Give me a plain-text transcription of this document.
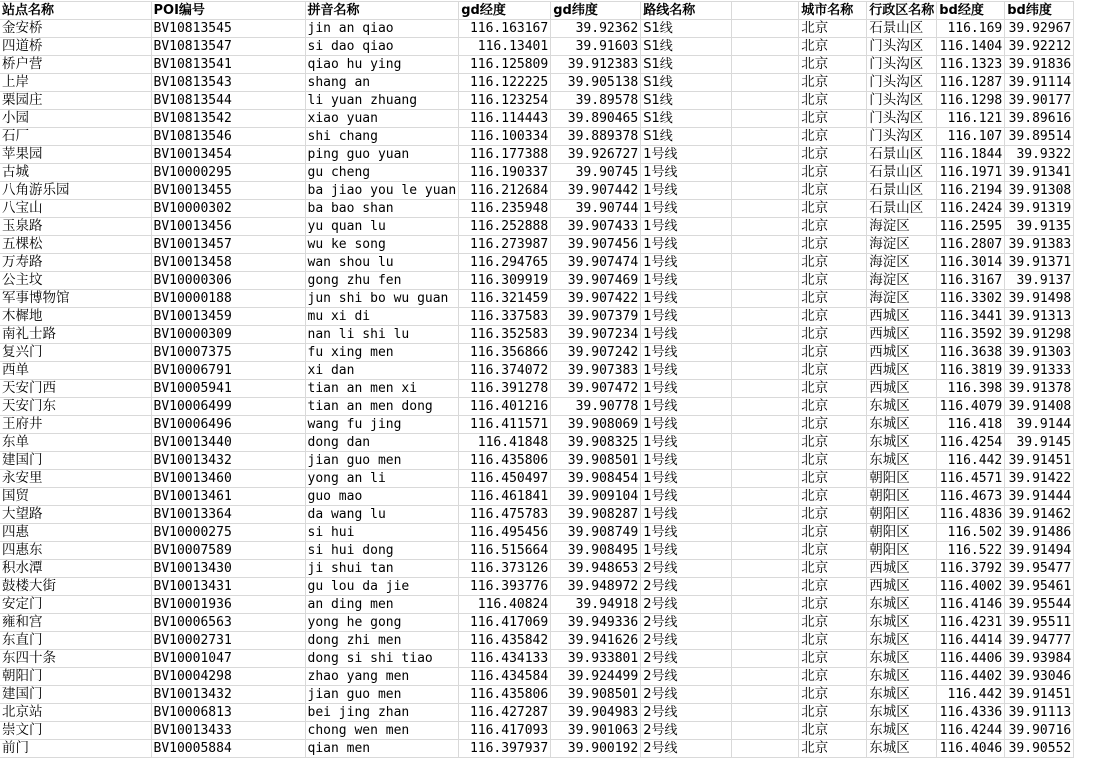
站点名称	POI编号	拼音名称	gd经度	gd纬度	路线名称		城市名称	行政区名称	bd经度	bd纬度
金安桥	BV10813545	jin an qiao	116.163167	39.92362	S1线		北京	石景山区	116.169	39.92967
四道桥	BV10813547	si dao qiao	116.13401	39.91603	S1线		北京	门头沟区	116.1404	39.92212
桥户营	BV10813541	qiao hu ying	116.125809	39.912383	S1线		北京	门头沟区	116.1323	39.91836
上岸	BV10813543	shang an	116.122225	39.905138	S1线		北京	门头沟区	116.1287	39.91114
栗园庄	BV10813544	li yuan zhuang	116.123254	39.89578	S1线		北京	门头沟区	116.1298	39.90177
小园	BV10813542	xiao yuan	116.114443	39.890465	S1线		北京	门头沟区	116.121	39.89616
石厂	BV10813546	shi chang	116.100334	39.889378	S1线		北京	门头沟区	116.107	39.89514
苹果园	BV10013454	ping guo yuan	116.177388	39.926727	1号线		北京	石景山区	116.1844	39.9322
古城	BV10000295	gu cheng	116.190337	39.90745	1号线		北京	石景山区	116.1971	39.91341
八角游乐园	BV10013455	ba jiao you le yuan	116.212684	39.907442	1号线		北京	石景山区	116.2194	39.91308
八宝山	BV10000302	ba bao shan	116.235948	39.90744	1号线		北京	石景山区	116.2424	39.91319
玉泉路	BV10013456	yu quan lu	116.252888	39.907433	1号线		北京	海淀区	116.2595	39.9135
五棵松	BV10013457	wu ke song	116.273987	39.907456	1号线		北京	海淀区	116.2807	39.91383
万寿路	BV10013458	wan shou lu	116.294765	39.907474	1号线		北京	海淀区	116.3014	39.91371
公主坟	BV10000306	gong zhu fen	116.309919	39.907469	1号线		北京	海淀区	116.3167	39.9137
军事博物馆	BV10000188	jun shi bo wu guan	116.321459	39.907422	1号线		北京	海淀区	116.3302	39.91498
木樨地	BV10013459	mu xi di	116.337583	39.907379	1号线		北京	西城区	116.3441	39.91313
南礼士路	BV10000309	nan li shi lu	116.352583	39.907234	1号线		北京	西城区	116.3592	39.91298
复兴门	BV10007375	fu xing men	116.356866	39.907242	1号线		北京	西城区	116.3638	39.91303
西单	BV10006791	xi dan	116.374072	39.907383	1号线		北京	西城区	116.3819	39.91333
天安门西	BV10005941	tian an men xi	116.391278	39.907472	1号线		北京	西城区	116.398	39.91378
天安门东	BV10006499	tian an men dong	116.401216	39.90778	1号线		北京	东城区	116.4079	39.91408
王府井	BV10006496	wang fu jing	116.411571	39.908069	1号线		北京	东城区	116.418	39.9144
东单	BV10013440	dong dan	116.41848	39.908325	1号线		北京	东城区	116.4254	39.9145
建国门	BV10013432	jian guo men	116.435806	39.908501	1号线		北京	东城区	116.442	39.91451
永安里	BV10013460	yong an li	116.450497	39.908454	1号线		北京	朝阳区	116.4571	39.91422
国贸	BV10013461	guo mao	116.461841	39.909104	1号线		北京	朝阳区	116.4673	39.91444
大望路	BV10013364	da wang lu	116.475783	39.908287	1号线		北京	朝阳区	116.4836	39.91462
四惠	BV10000275	si hui	116.495456	39.908749	1号线		北京	朝阳区	116.502	39.91486
四惠东	BV10007589	si hui dong	116.515664	39.908495	1号线		北京	朝阳区	116.522	39.91494
积水潭	BV10013430	ji shui tan	116.373126	39.948653	2号线		北京	西城区	116.3792	39.95477
鼓楼大街	BV10013431	gu lou da jie	116.393776	39.948972	2号线		北京	西城区	116.4002	39.95461
安定门	BV10001936	an ding men	116.40824	39.94918	2号线		北京	东城区	116.4146	39.95544
雍和宫	BV10006563	yong he gong	116.417069	39.949336	2号线		北京	东城区	116.4231	39.95511
东直门	BV10002731	dong zhi men	116.435842	39.941626	2号线		北京	东城区	116.4414	39.94777
东四十条	BV10001047	dong si shi tiao	116.434133	39.933801	2号线		北京	东城区	116.4406	39.93984
朝阳门	BV10004298	zhao yang men	116.434584	39.924499	2号线		北京	东城区	116.4402	39.93046
建国门	BV10013432	jian guo men	116.435806	39.908501	2号线		北京	东城区	116.442	39.91451
北京站	BV10006813	bei jing zhan	116.427287	39.904983	2号线		北京	东城区	116.4336	39.91113
崇文门	BV10013433	chong wen men	116.417093	39.901063	2号线		北京	东城区	116.4244	39.90716
前门	BV10005884	qian men	116.397937	39.900192	2号线		北京	东城区	116.4046	39.90552
